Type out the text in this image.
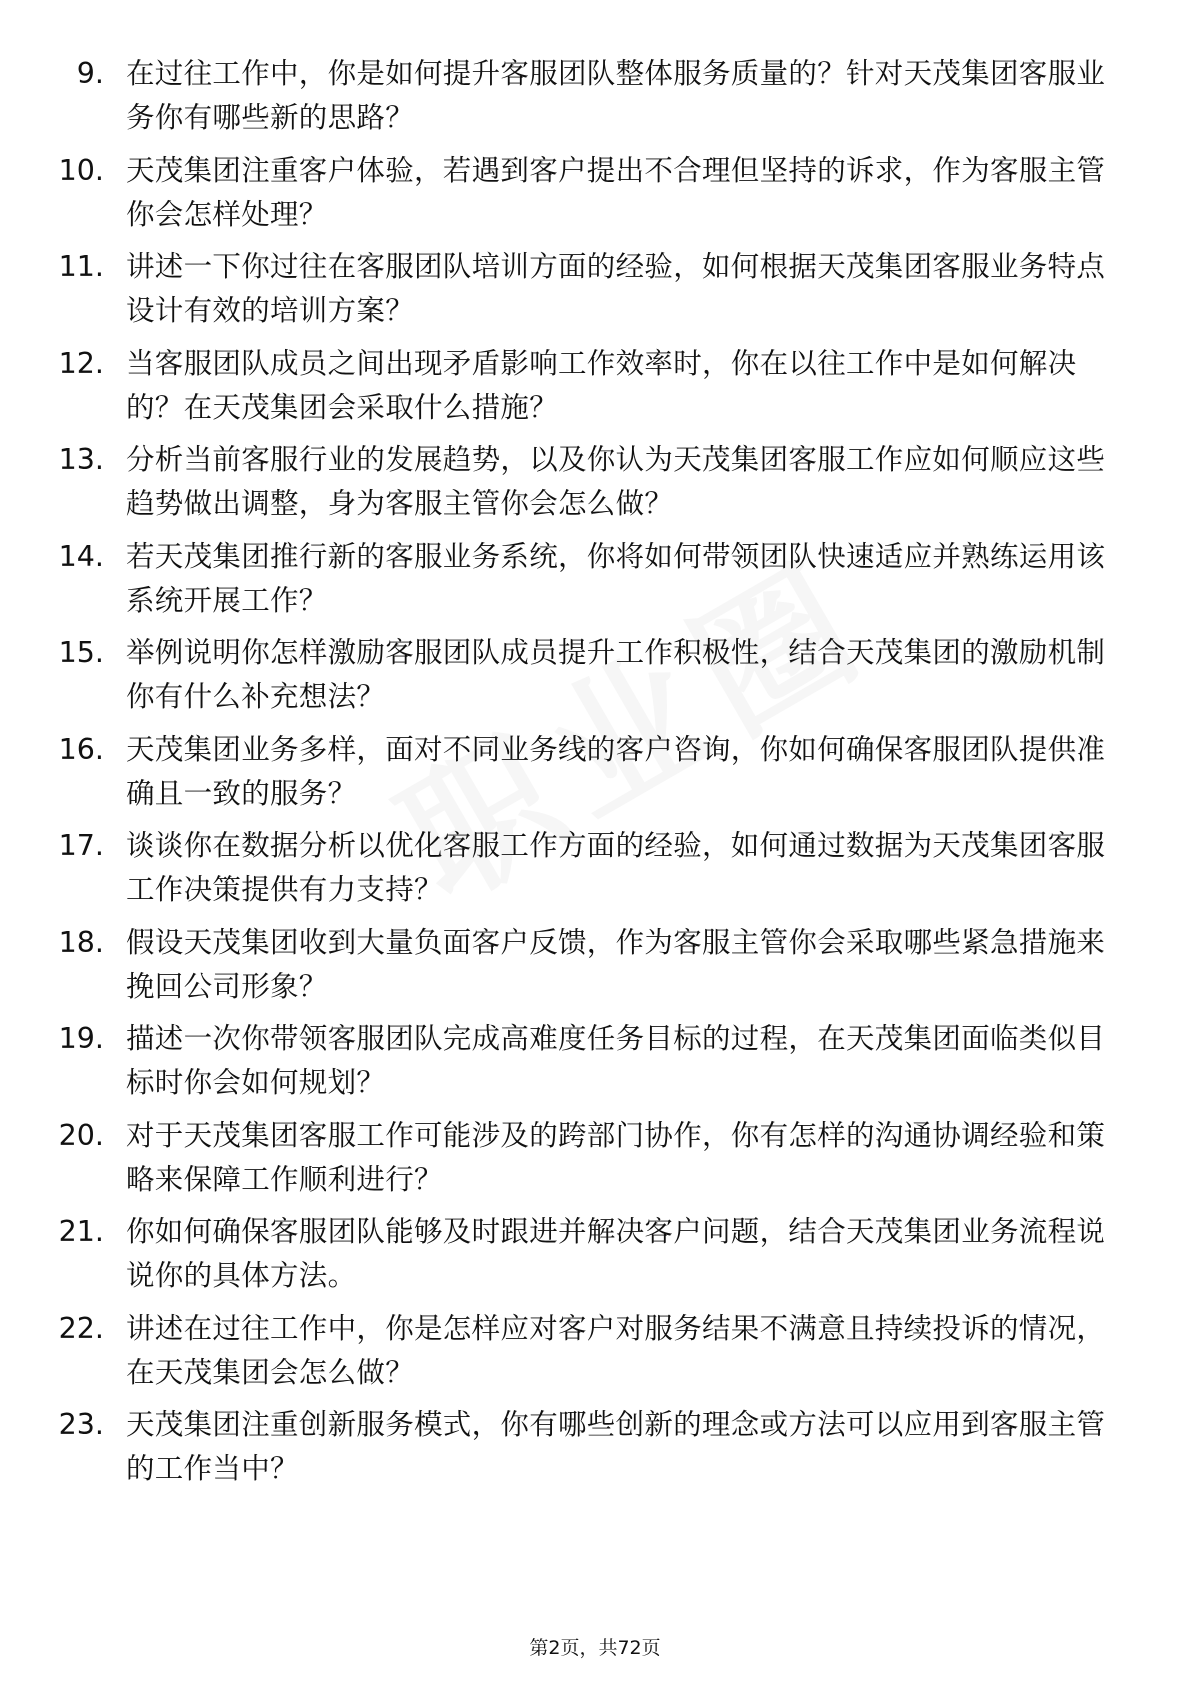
9. 在过往工作中，你是如何提升客服团队整体服务质量的？针对天茂集团客服业务你有哪些新的思路？
10. 天茂集团注重客户体验，若遇到客户提出不合理但坚持的诉求，作为客服主管你会怎样处理？
11. 讲述一下你过往在客服团队培训方面的经验，如何根据天茂集团客服业务特点设计有效的培训方案？
12. 当客服团队成员之间出现矛盾影响工作效率时，你在以往工作中是如何解决的？在天茂集团会采取什么措施？
13. 分析当前客服行业的发展趋势，以及你认为天茂集团客服工作应如何顺应这些趋势做出调整，身为客服主管你会怎么做？
14. 若天茂集团推行新的客服业务系统，你将如何带领团队快速适应并熟练运用该系统开展工作？
15. 举例说明你怎样激励客服团队成员提升工作积极性，结合天茂集团的激励机制你有什么补充想法？
16. 天茂集团业务多样，面对不同业务线的客户咨询，你如何确保客服团队提供准确且一致的服务？
17. 谈谈你在数据分析以优化客服工作方面的经验，如何通过数据为天茂集团客服工作决策提供有力支持？
18. 假设天茂集团收到大量负面客户反馈，作为客服主管你会采取哪些紧急措施来挽回公司形象？
19. 描述一次你带领客服团队完成高难度任务目标的过程，在天茂集团面临类似目标时你会如何规划？
20. 对于天茂集团客服工作可能涉及的跨部门协作，你有怎样的沟通协调经验和策略来保障工作顺利进行？
21. 你如何确保客服团队能够及时跟进并解决客户问题，结合天茂集团业务流程说说你的具体方法。
22. 讲述在过往工作中，你是怎样应对客户对服务结果不满意且持续投诉的情况，在天茂集团会怎么做？
23. 天茂集团注重创新服务模式，你有哪些创新的理念或方法可以应用到客服主管的工作当中？
第2页，共72页
